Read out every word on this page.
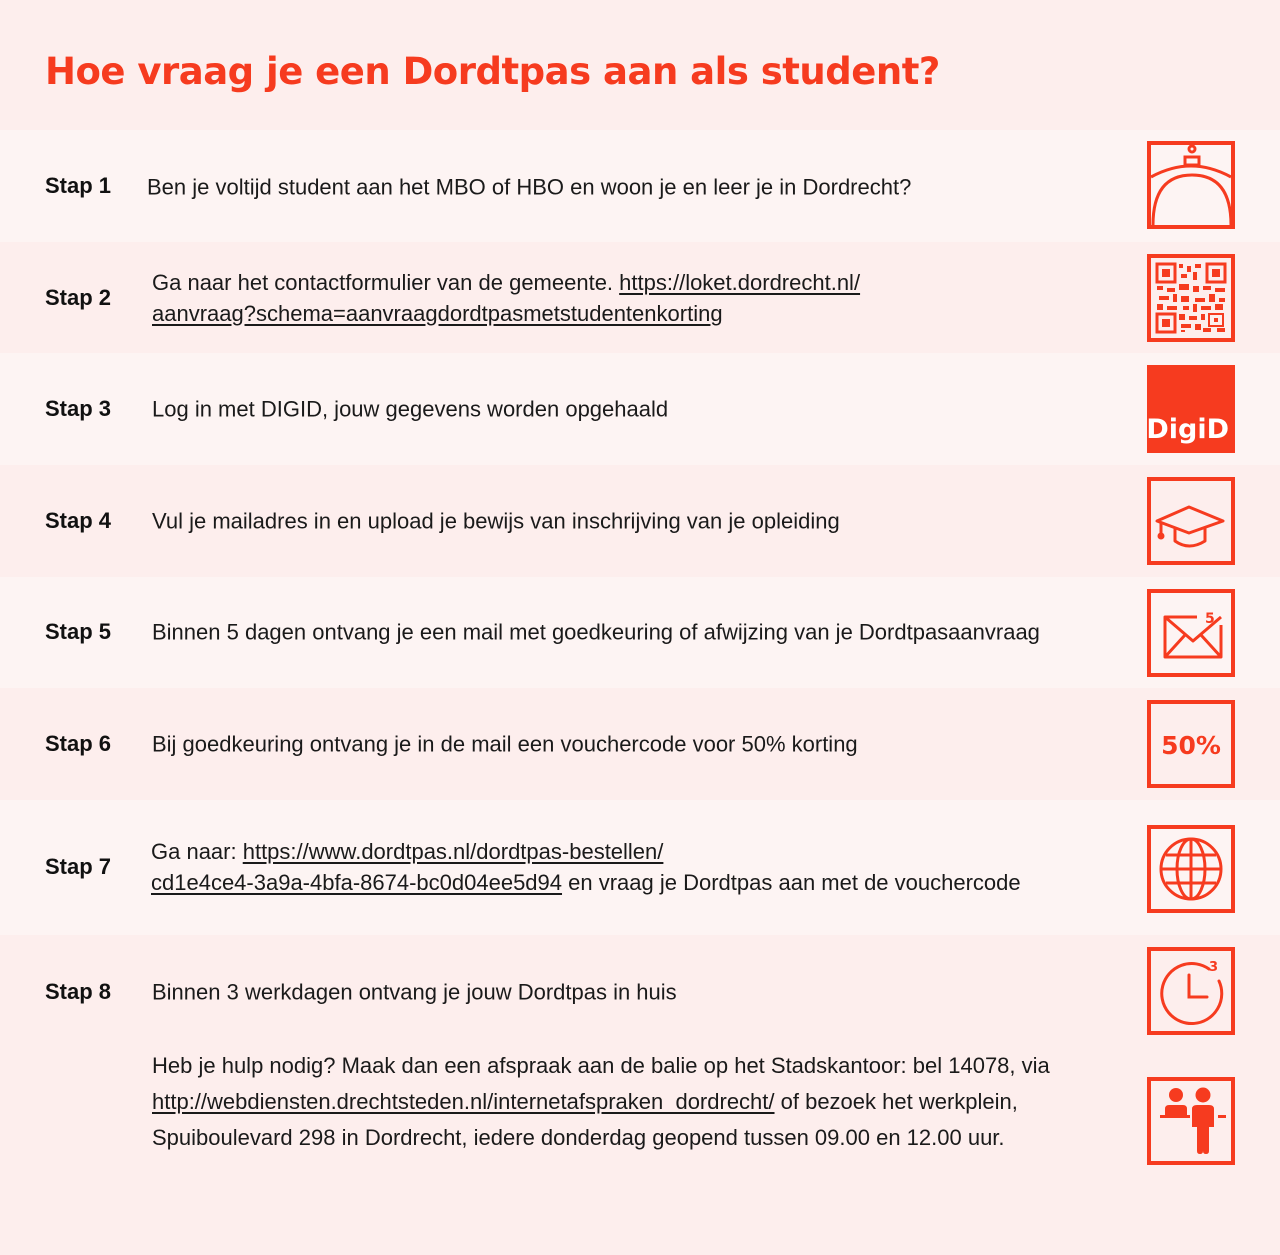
Hoe vraag je een Dordtpas aan als student?
Stap 1 Ben je voltijd student aan het MBO of HBO en woon je en leer je in Dordrecht?
Stap 2
Ga naar het contactformulier van de gemeente. https://loket.dordrecht.nl/
aanvraag?schema=aanvraagdordtpasmetstudentenkorting
Stap 3 Log in met DIGID, jouw gegevens worden opgehaald
DigiD
Stap 4 Vul je mailadres in en upload je bewijs van inschrijving van je opleiding
Stap 5 Binnen 5 dagen ontvang je een mail met goedkeuring of afwijzing van je Dordtpasaanvraag
5
Stap 6 Bij goedkeuring ontvang je in de mail een vouchercode voor 50% korting	50%
Stap 7
Ga naar: https://www.dordtpas.nl/dordtpas-bestellen/
cd1e4ce4-3a9a-4bfa-8674-bc0d04ee5d94 en vraag je Dordtpas aan met de vouchercode
Stap 8 Binnen 3 werkdagen ontvang je jouw Dordtpas in huis
3
Heb je hulp nodig? Maak dan een afspraak aan de balie op het Stadskantoor: bel 14078, via http://webdiensten.drechtsteden.nl/internetafspraken_dordrecht/ of bezoek het werkplein, Spuiboulevard 298 in Dordrecht, iedere donderdag geopend tussen 09.00 en 12.00 uur.
